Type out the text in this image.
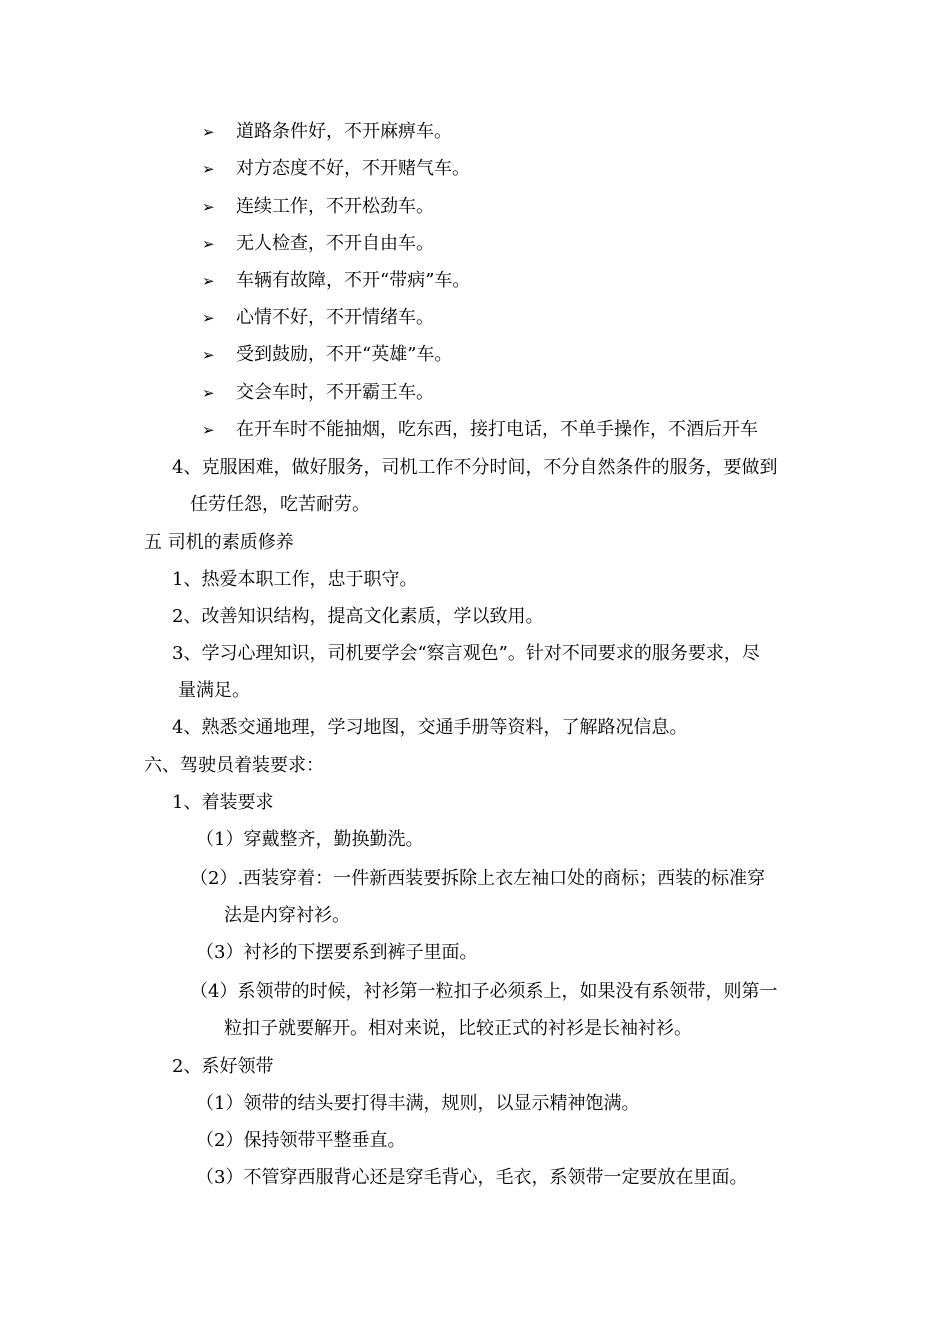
➢ 道路条件好，不开麻痹车。
➢ 对方态度不好，不开赌气车。
➢ 连续工作，不开松劲车。
➢ 无人检查，不开自由车。
➢ 车辆有故障，不开“带病”车。
➢ 心情不好，不开情绪车。
➢ 受到鼓励，不开“英雄”车。
➢ 交会车时，不开霸王车。
➢ 在开车时不能抽烟，吃东西，接打电话，不单手操作，不酒后开车
4、克服困难，做好服务，司机工作不分时间，不分自然条件的服务，要做到
任劳任怨，吃苦耐劳。
五 司机的素质修养
1、热爱本职工作，忠于职守。
2、改善知识结构，提高文化素质，学以致用。
3、学习心理知识，司机要学会“察言观色”。针对不同要求的服务要求，尽
量满足。
4、熟悉交通地理，学习地图，交通手册等资料，了解路况信息。
六、驾驶员着装要求：
1、着装要求
（1）穿戴整齐，勤换勤洗。
（2）.西装穿着：一件新西装要拆除上衣左袖口处的商标；西装的标准穿
法是内穿衬衫。
（3）衬衫的下摆要系到裤子里面。
（4）系领带的时候，衬衫第一粒扣子必须系上，如果没有系领带，则第一
粒扣子就要解开。相对来说，比较正式的衬衫是长袖衬衫。
2、系好领带
（1）领带的结头要打得丰满，规则，以显示精神饱满。
（2）保持领带平整垂直。
（3）不管穿西服背心还是穿毛背心，毛衣，系领带一定要放在里面。
